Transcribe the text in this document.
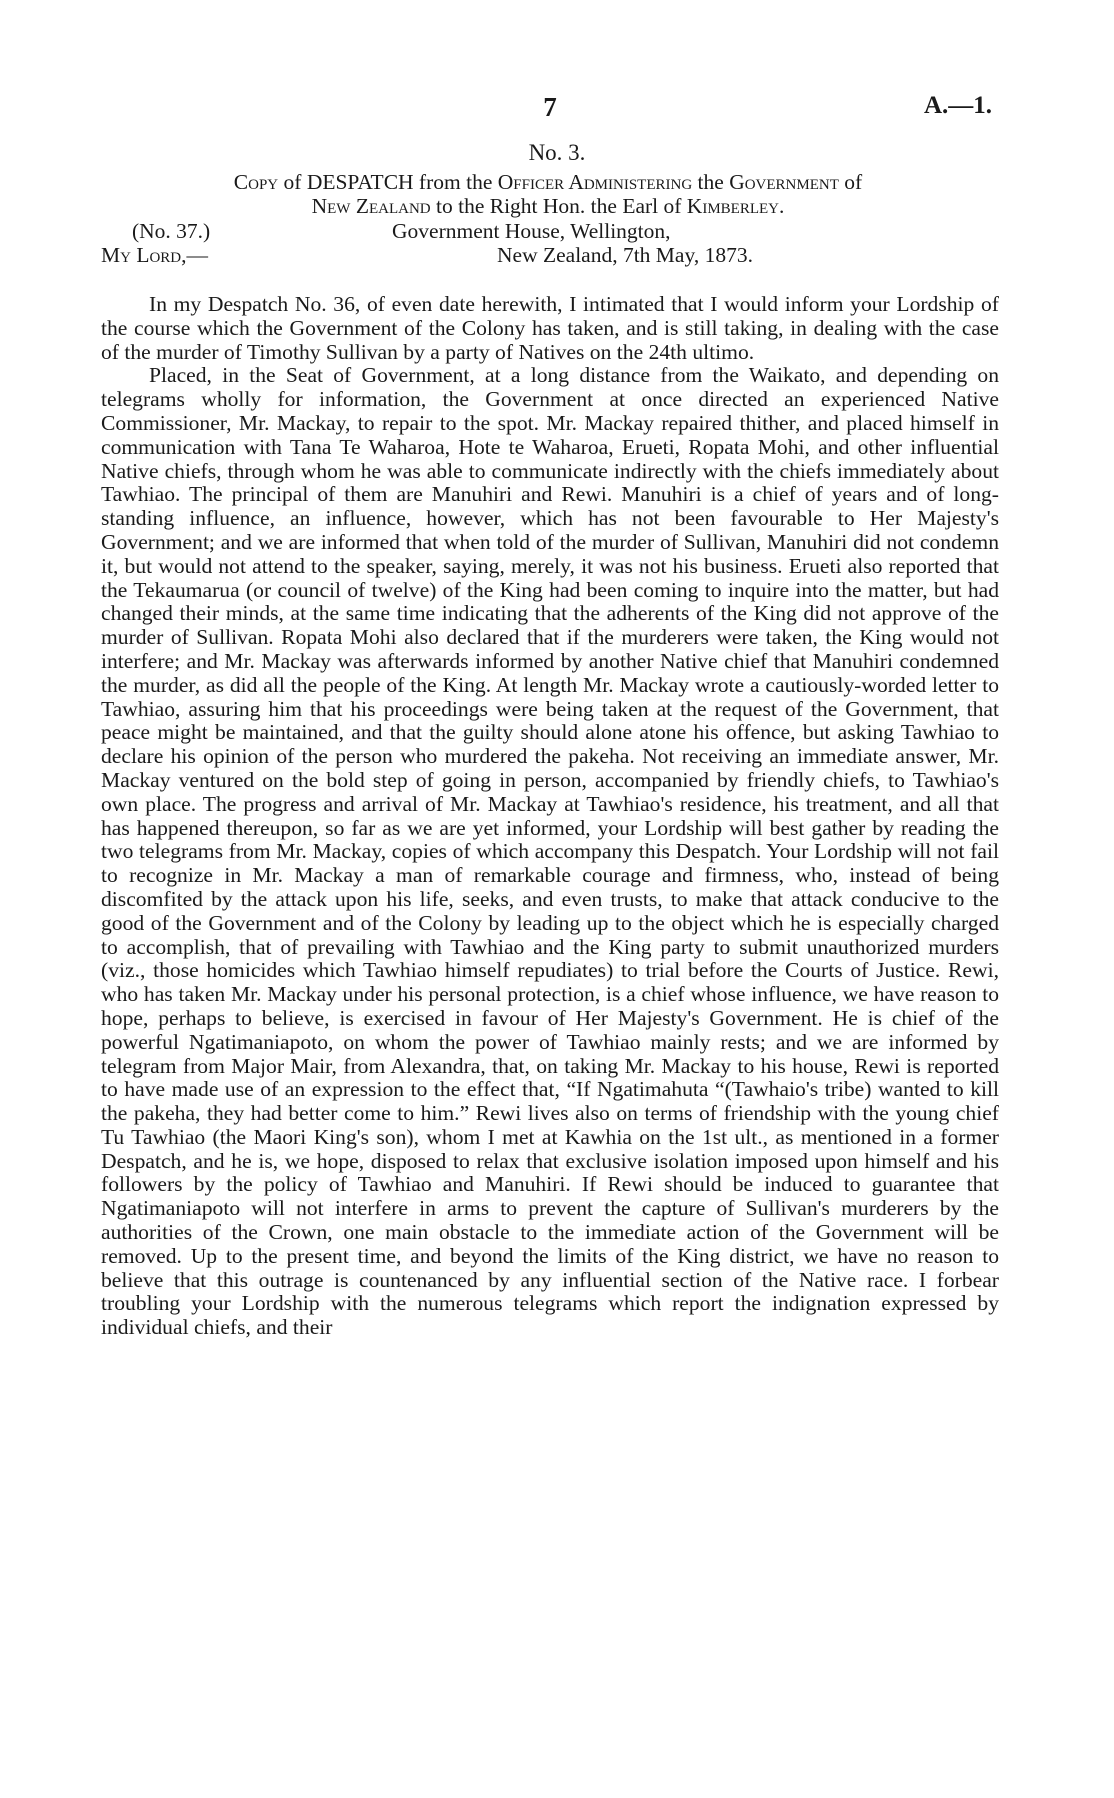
7	A.—1.
No. 3.
Copy of DESPATCH from the Officer Administering the Government of
New Zealand to the Right Hon. the Earl of Kimberley.
(No. 37.)	Government House, Wellington,
My Lord,—	New Zealand, 7th May, 1873.

In my Despatch No. 36, of even date herewith, I intimated that I would inform your Lordship of the course which the Government of the Colony has taken, and is still taking, in dealing with the case of the murder of Timothy Sullivan by a party of Natives on the 24th ultimo.

Placed, in the Seat of Government, at a long distance from the Waikato, and depending on telegrams wholly for information, the Government at once directed an experienced Native Commissioner, Mr. Mackay, to repair to the spot. Mr. Mackay repaired thither, and placed himself in communication with Tana Te Waharoa, Hote te Waharoa, Erueti, Ropata Mohi, and other influential Native chiefs, through whom he was able to communicate indirectly with the chiefs immediately about Tawhiao. The principal of them are Manuhiri and Rewi. Manuhiri is a chief of years and of long-standing influence, an influence, however, which has not been favourable to Her Majesty's Government; and we are informed that when told of the murder of Sullivan, Manuhiri did not condemn it, but would not attend to the speaker, saying, merely, it was not his business. Erueti also reported that the Tekaumarua (or council of twelve) of the King had been coming to inquire into the matter, but had changed their minds, at the same time indicating that the adherents of the King did not approve of the murder of Sullivan. Ropata Mohi also declared that if the murderers were taken, the King would not interfere; and Mr. Mackay was afterwards informed by another Native chief that Manuhiri condemned the murder, as did all the people of the King. At length Mr. Mackay wrote a cautiously-worded letter to Tawhiao, assuring him that his proceedings were being taken at the request of the Government, that peace might be maintained, and that the guilty should alone atone his offence, but asking Tawhiao to declare his opinion of the person who murdered the pakeha. Not receiving an immediate answer, Mr. Mackay ventured on the bold step of going in person, accompanied by friendly chiefs, to Tawhiao's own place. The progress and arrival of Mr. Mackay at Tawhiao's residence, his treatment, and all that has happened thereupon, so far as we are yet informed, your Lordship will best gather by reading the two telegrams from Mr. Mackay, copies of which accompany this Despatch. Your Lordship will not fail to recognize in Mr. Mackay a man of remarkable courage and firmness, who, instead of being discomfited by the attack upon his life, seeks, and even trusts, to make that attack conducive to the good of the Government and of the Colony by leading up to the object which he is especially charged to accomplish, that of prevailing with Tawhiao and the King party to submit unauthorized murders (viz., those homicides which Tawhiao himself repudiates) to trial before the Courts of Justice. Rewi, who has taken Mr. Mackay under his personal protection, is a chief whose influence, we have reason to hope, perhaps to believe, is exercised in favour of Her Majesty's Government. He is chief of the powerful Ngatimaniapoto, on whom the power of Tawhiao mainly rests; and we are informed by telegram from Major Mair, from Alexandra, that, on taking Mr. Mackay to his house, Rewi is reported to have made use of an expression to the effect that, “If Ngatimahuta “(Tawhaio's tribe) wanted to kill the pakeha, they had better come to him.” Rewi lives also on terms of friendship with the young chief Tu Tawhiao (the Maori King's son), whom I met at Kawhia on the 1st ult., as mentioned in a former Despatch, and he is, we hope, disposed to relax that exclusive isolation imposed upon himself and his followers by the policy of Tawhiao and Manuhiri. If Rewi should be induced to guarantee that Ngatimaniapoto will not interfere in arms to prevent the capture of Sullivan's murderers by the authorities of the Crown, one main obstacle to the immediate action of the Government will be removed. Up to the present time, and beyond the limits of the King district, we have no reason to believe that this outrage is countenanced by any influential section of the Native race. I forbear troubling your Lordship with the numerous telegrams which report the indignation expressed by individual chiefs, and their
